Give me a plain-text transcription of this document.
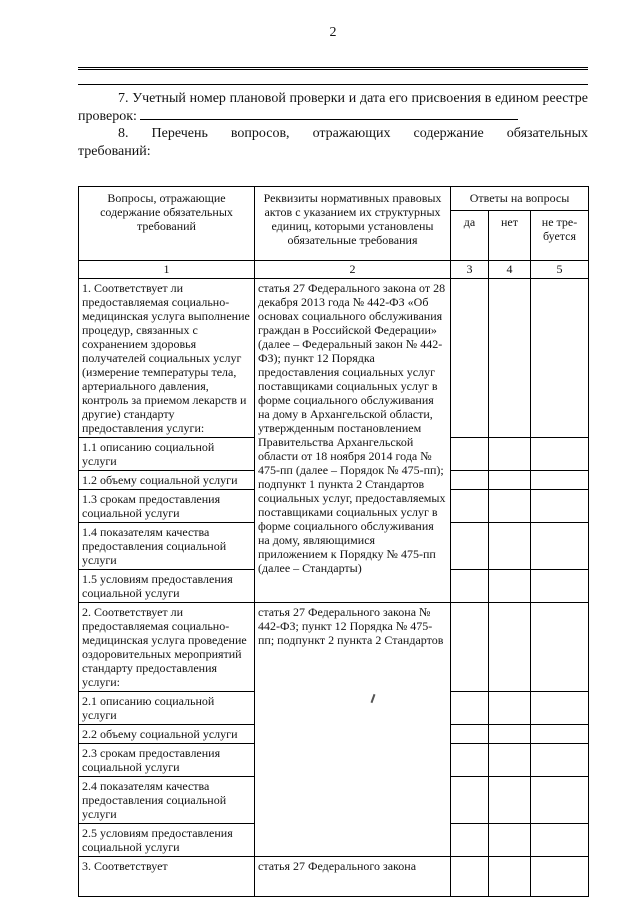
2
7. Учетный номер плановой проверки и дата его присвоения в едином реестре проверок:
8. Перечень вопросов, отражающих содержание обязательных требований:
Вопросы, отражающие содержание обязательных требований	Реквизиты нормативных правовых актов с указанием их структурных единиц, которыми установлены обязательные требования	Ответы на вопросы		
		да	нет	не тре-буется
1	2	3	4	5
1. Соответствует ли предоставляемая социально-медицинская услуга выполнение процедур, связанных с сохранением здоровья получателей социальных услуг (измерение температуры тела, артериального давления, контроль за приемом лекарств и другие) стандарту предоставления услуги:	статья 27 Федерального закона от 28 декабря 2013 года № 442-ФЗ «Об основах социального обслуживания граждан в Российской Федерации» (далее – Федеральный закон № 442-ФЗ); пункт 12 Порядка предоставления социальных услуг поставщиками социальных услуг в форме социального обслуживания на дому в Архангельской области, утвержденным постановлением Правительства Архангельской области от 18 ноября 2014 года № 475-пп (далее – Порядок № 475-пп); подпункт 1 пункта 2 Стандартов социальных услуг, предоставляемых поставщиками социальных услуг в форме социального обслуживания на дому, являющимися приложением к Порядку № 475-пп (далее – Стандарты)			
1.1 описанию социальной услуги				
1.2 объему социальной услуги				
1.3 срокам предоставления социальной услуги				
1.4 показателям качества предоставления социальной услуги				
1.5 условиям предоставления социальной услуги				
2. Соответствует ли предоставляемая социально-медицинская услуга проведение оздоровительных мероприятий стандарту предоставления услуги:	статья 27 Федерального закона № 442-ФЗ; пункт 12 Порядка № 475-пп; подпункт 2 пункта 2 Стандартов			
2.1 описанию социальной услуги				
2.2 объему социальной услуги				
2.3 срокам предоставления социальной услуги				
2.4 показателям качества предоставления социальной услуги				
2.5 условиям предоставления социальной услуги				
3. Соответствует	статья 27 Федерального закона			
